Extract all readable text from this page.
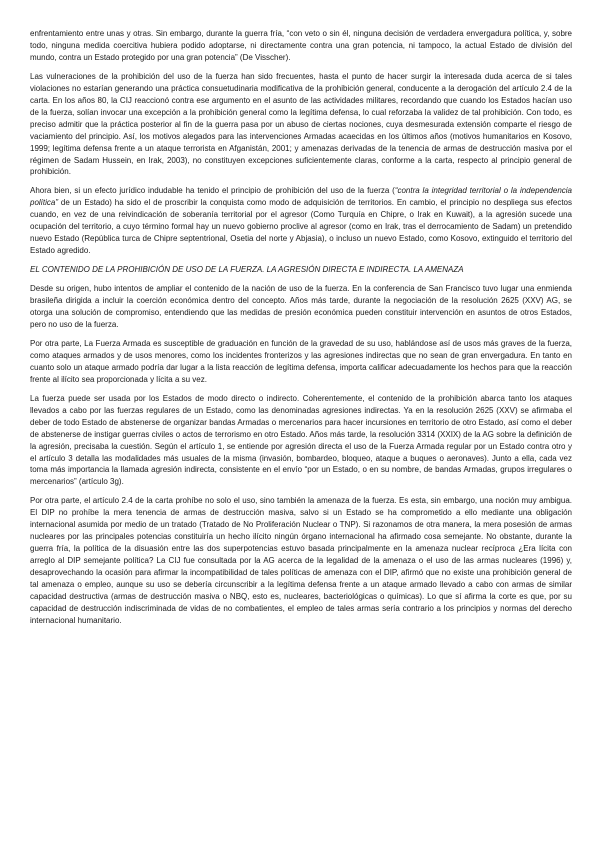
enfrentamiento entre unas y otras. Sin embargo, durante la guerra fría, “con veto o sin él, ninguna decisión de verdadera envergadura política, y, sobre todo, ninguna medida coercitiva hubiera podido adoptarse, ni directamente contra una gran potencia, ni tampoco, la actual Estado de división del mundo, contra un Estado protegido por una gran potencia” (De Visscher).

Las vulneraciones de la prohibición del uso de la fuerza han sido frecuentes, hasta el punto de hacer surgir la interesada duda acerca de si tales violaciones no estarían generando una práctica consuetudinaria modificativa de la prohibición general, conducente a la derogación del artículo 2.4 de la carta. En los años 80, la CIJ reaccionó contra ese argumento en el asunto de las actividades militares, recordando que cuando los Estados hacían uso de la fuerza, solían invocar una excepción a la prohibición general como la legítima defensa, lo cual reforzaba la validez de tal prohibición. Con todo, es preciso admitir que la práctica posterior al fin de la guerra pasa por un abuso de ciertas nociones, cuya desmesurada extensión comparte el riesgo de vaciamiento del principio. Así, los motivos alegados para las intervenciones Armadas acaecidas en los últimos años (motivos humanitarios en Kosovo, 1999; legítima defensa frente a un ataque terrorista en Afganistán, 2001; y amenazas derivadas de la tenencia de armas de destrucción masiva por el régimen de Sadam Hussein, en Irak, 2003), no constituyen excepciones suficientemente claras, conforme a la carta, respecto al principio general de prohibición.

Ahora bien, si un efecto jurídico indudable ha tenido el principio de prohibición del uso de la fuerza (“contra la integridad territorial o la independencia política” de un Estado) ha sido el de proscribir la conquista como modo de adquisición de territorios. En cambio, el principio no despliega sus efectos cuando, en vez de una reivindicación de soberanía territorial por el agresor (Como Turquía en Chipre, o Irak en Kuwait), a la agresión sucede una ocupación del territorio, a cuyo término formal hay un nuevo gobierno proclive al agresor (como en Irak, tras el derrocamiento de Sadam) un pretendido nuevo Estado (República turca de Chipre septentrional, Osetia del norte y Abjasia), o incluso un nuevo Estado, como Kosovo, extinguido el territorio del Estado agredido.

EL CONTENIDO DE LA PROHIBICIÓN DE USO DE LA FUERZA. LA AGRESIÓN DIRECTA E INDIRECTA. LA AMENAZA

Desde su origen, hubo intentos de ampliar el contenido de la nación de uso de la fuerza. En la conferencia de San Francisco tuvo lugar una enmienda brasileña dirigida a incluir la coerción económica dentro del concepto. Años más tarde, durante la negociación de la resolución 2625 (XXV) AG, se otorga una solución de compromiso, entendiendo que las medidas de presión económica pueden constituir intervención en asuntos de otros Estados, pero no uso de la fuerza.

Por otra parte, La Fuerza Armada es susceptible de graduación en función de la gravedad de su uso, hablándose así de usos más graves de la fuerza, como ataques armados y de usos menores, como los incidentes fronterizos y las agresiones indirectas que no sean de gran envergadura. En tanto en cuanto solo un ataque armado podría dar lugar a la lista reacción de legítima defensa, importa calificar adecuadamente los hechos para que la reacción frente al ilícito sea proporcionada y lícita a su vez.

La fuerza puede ser usada por los Estados de modo directo o indirecto. Coherentemente, el contenido de la prohibición abarca tanto los ataques llevados a cabo por las fuerzas regulares de un Estado, como las denominadas agresiones indirectas. Ya en la resolución 2625 (XXV) se afirmaba el deber de todo Estado de abstenerse de organizar bandas Armadas o mercenarios para hacer incursiones en territorio de otro Estado, así como el deber de abstenerse de instigar guerras civiles o actos de terrorismo en otro Estado. Años más tarde, la resolución 3314 (XXIX) de la AG sobre la definición de la agresión, precisaba la cuestión. Según el artículo 1, se entiende por agresión directa el uso de la Fuerza Armada regular por un Estado contra otro y el artículo 3 detalla las modalidades más usuales de la misma (invasión, bombardeo, bloqueo, ataque a buques o aeronaves). Junto a ella, cada vez toma más importancia la llamada agresión indirecta, consistente en el envío “por un Estado, o en su nombre, de bandas Armadas, grupos irregulares o mercenarios” (artículo 3g).

Por otra parte, el artículo 2.4 de la carta prohíbe no solo el uso, sino también la amenaza de la fuerza. Es esta, sin embargo, una noción muy ambigua. El DIP no prohíbe la mera tenencia de armas de destrucción masiva, salvo si un Estado se ha comprometido a ello mediante una obligación internacional asumida por medio de un tratado (Tratado de No Proliferación Nuclear o TNP). Si razonamos de otra manera, la mera posesión de armas nucleares por las principales potencias constituiría un hecho ilícito ningún órgano internacional ha afirmado cosa semejante. No obstante, durante la guerra fría, la política de la disuasión entre las dos superpotencias estuvo basada principalmente en la amenaza nuclear recíproca ¿Era lícita con arreglo al DIP semejante política? La CIJ fue consultada por la AG acerca de la legalidad de la amenaza o el uso de las armas nucleares (1996) y, desaprovechando la ocasión para afirmar la incompatibilidad de tales políticas de amenaza con el DIP, afirmó que no existe una prohibición general de tal amenaza o empleo, aunque su uso se debería circunscribir a la legítima defensa frente a un ataque armado llevado a cabo con armas de similar capacidad destructiva (armas de destrucción masiva o NBQ, esto es, nucleares, bacteriológicas o químicas). Lo que sí afirma la corte es que, por su capacidad de destrucción indiscriminada de vidas de no combatientes, el empleo de tales armas sería contrario a los principios y normas del derecho internacional humanitario.
